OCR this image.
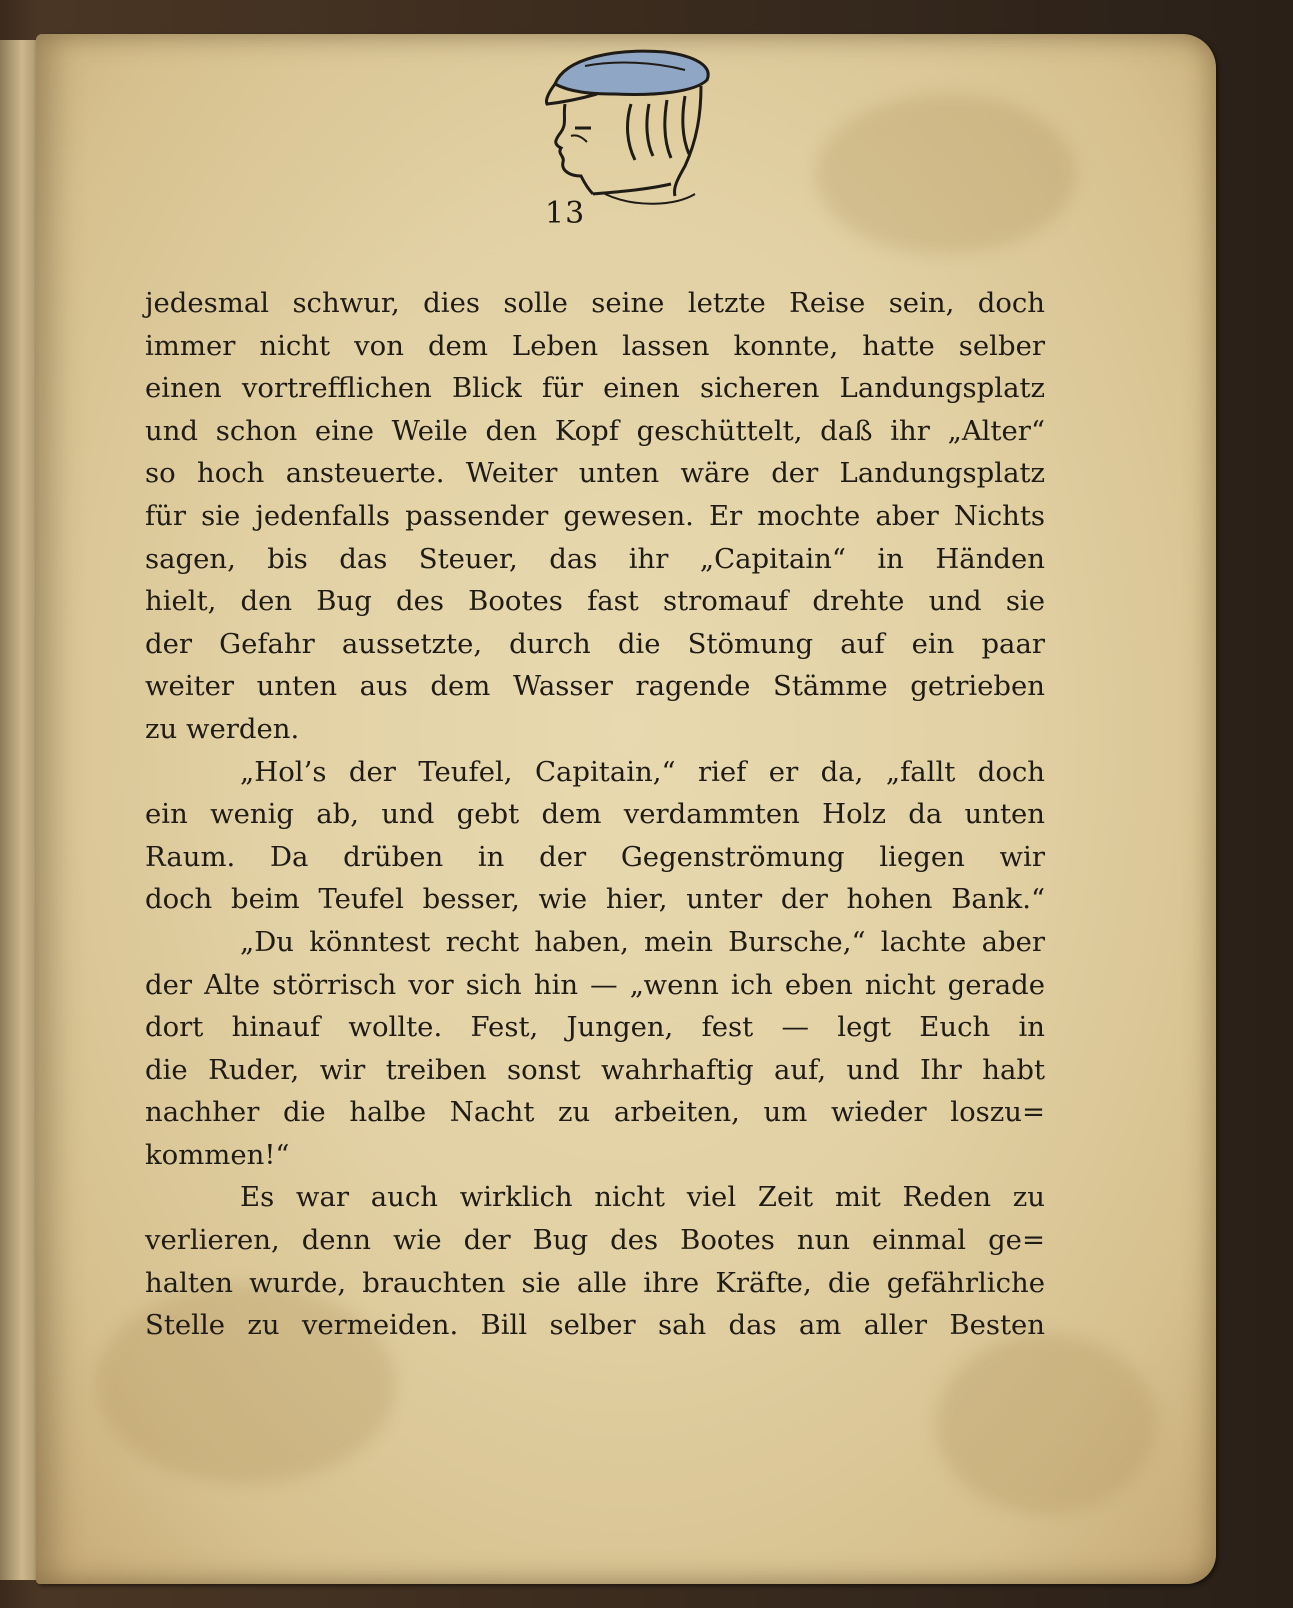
13
jedesmal schwur, dies solle seine letzte Reise sein, doch
immer nicht von dem Leben lassen konnte, hatte selber
einen vortrefflichen Blick für einen sicheren Landungsplatz
und schon eine Weile den Kopf geschüttelt, daß ihr „Alter“
so hoch ansteuerte. Weiter unten wäre der Landungsplatz
für sie jedenfalls passender gewesen. Er mochte aber Nichts
sagen, bis das Steuer, das ihr „Capitain“ in Händen
hielt, den Bug des Bootes fast stromauf drehte und sie
der Gefahr aussetzte, durch die Stömung auf ein paar
weiter unten aus dem Wasser ragende Stämme getrieben
zu werden.
„Hol’s der Teufel, Capitain,“ rief er da, „fallt doch
ein wenig ab, und gebt dem verdammten Holz da unten
Raum. Da drüben in der Gegenströmung liegen wir
doch beim Teufel besser, wie hier, unter der hohen Bank.“
„Du könntest recht haben, mein Bursche,“ lachte aber
der Alte störrisch vor sich hin — „wenn ich eben nicht gerade
dort hinauf wollte. Fest, Jungen, fest — legt Euch in
die Ruder, wir treiben sonst wahrhaftig auf, und Ihr habt
nachher die halbe Nacht zu arbeiten, um wieder loszu=
kommen!“
Es war auch wirklich nicht viel Zeit mit Reden zu
verlieren, denn wie der Bug des Bootes nun einmal ge=
halten wurde, brauchten sie alle ihre Kräfte, die gefährliche
Stelle zu vermeiden. Bill selber sah das am aller Besten
